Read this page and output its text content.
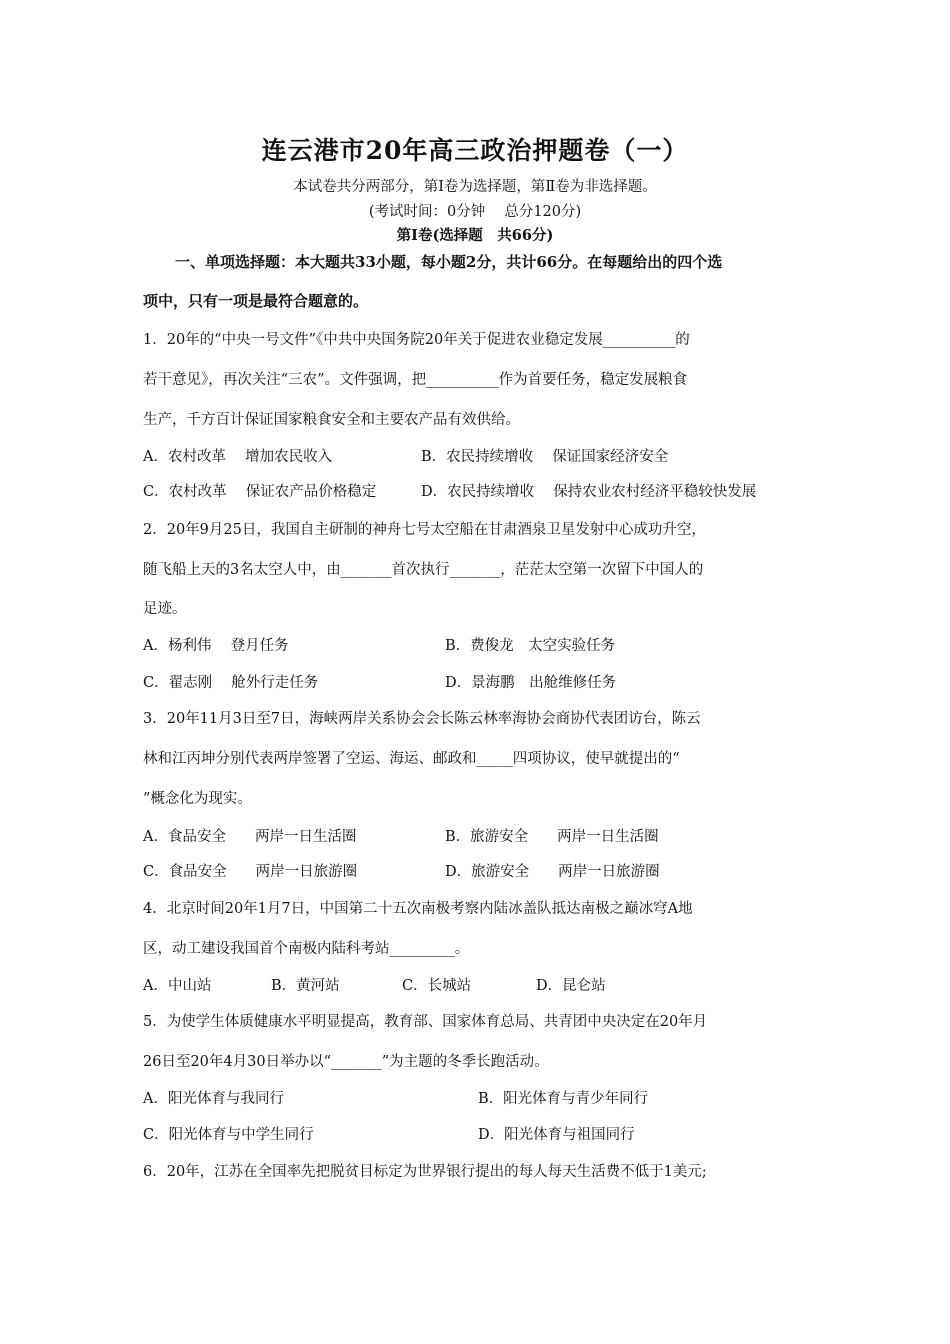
连云港市20年高三政治押题卷（一）
本试卷共分两部分，第Ⅰ卷为选择题，第Ⅱ卷为非选择题。
(考试时间：0分钟　 总分120分)
第Ⅰ卷(选择题　共66分)
一、单项选择题：本大题共33小题，每小题2分，共计66分。在每题给出的四个选
项中，只有一项是最符合题意的。
1．20年的“中央一号文件”《中共中央国务院20年关于促进农业稳定发展__________的
若干意见》，再次关注“三农”。文件强调，把__________作为首要任务，稳定发展粮食
生产，千方百计保证国家粮食安全和主要农产品有效供给。
A．农村改革　 增加农民收入	B．农民持续增收　 保证国家经济安全
C．农村改革　 保证农产品价格稳定	D．农民持续增收　 保持农业农村经济平稳较快发展
2．20年9月25日，我国自主研制的神舟七号太空船在甘肃酒泉卫星发射中心成功升空，
随飞船上天的3名太空人中，由_______首次执行_______，茫茫太空第一次留下中国人的
足迹。
A．杨利伟　 登月任务	B．费俊龙　太空实验任务
C．翟志刚　 舱外行走任务	D．景海鹏　出舱维修任务
3．20年11月3日至7日，海峡两岸关系协会会长陈云林率海协会商协代表团访台，陈云
林和江丙坤分别代表两岸签署了空运、海运、邮政和_____四项协议，使早就提出的“
”概念化为现实。
A．食品安全　　两岸一日生活圈	B．旅游安全　　两岸一日生活圈
C．食品安全　　两岸一日旅游圈	D．旅游安全　　两岸一日旅游圈
4．北京时间20年1月7日，中国第二十五次南极考察内陆冰盖队抵达南极之巅冰穹A地
区，动工建设我国首个南极内陆科考站_________。
A．中山站	B．黄河站	C．长城站	D．昆仑站
5．为使学生体质健康水平明显提高，教育部、国家体育总局、共青团中央决定在20年月
26日至20年4月30日举办以“_______”为主题的冬季长跑活动。
A．阳光体育与我同行	B．阳光体育与青少年同行
C．阳光体育与中学生同行	D．阳光体育与祖国同行
6．20年，江苏在全国率先把脱贫目标定为世界银行提出的每人每天生活费不低于1美元;
